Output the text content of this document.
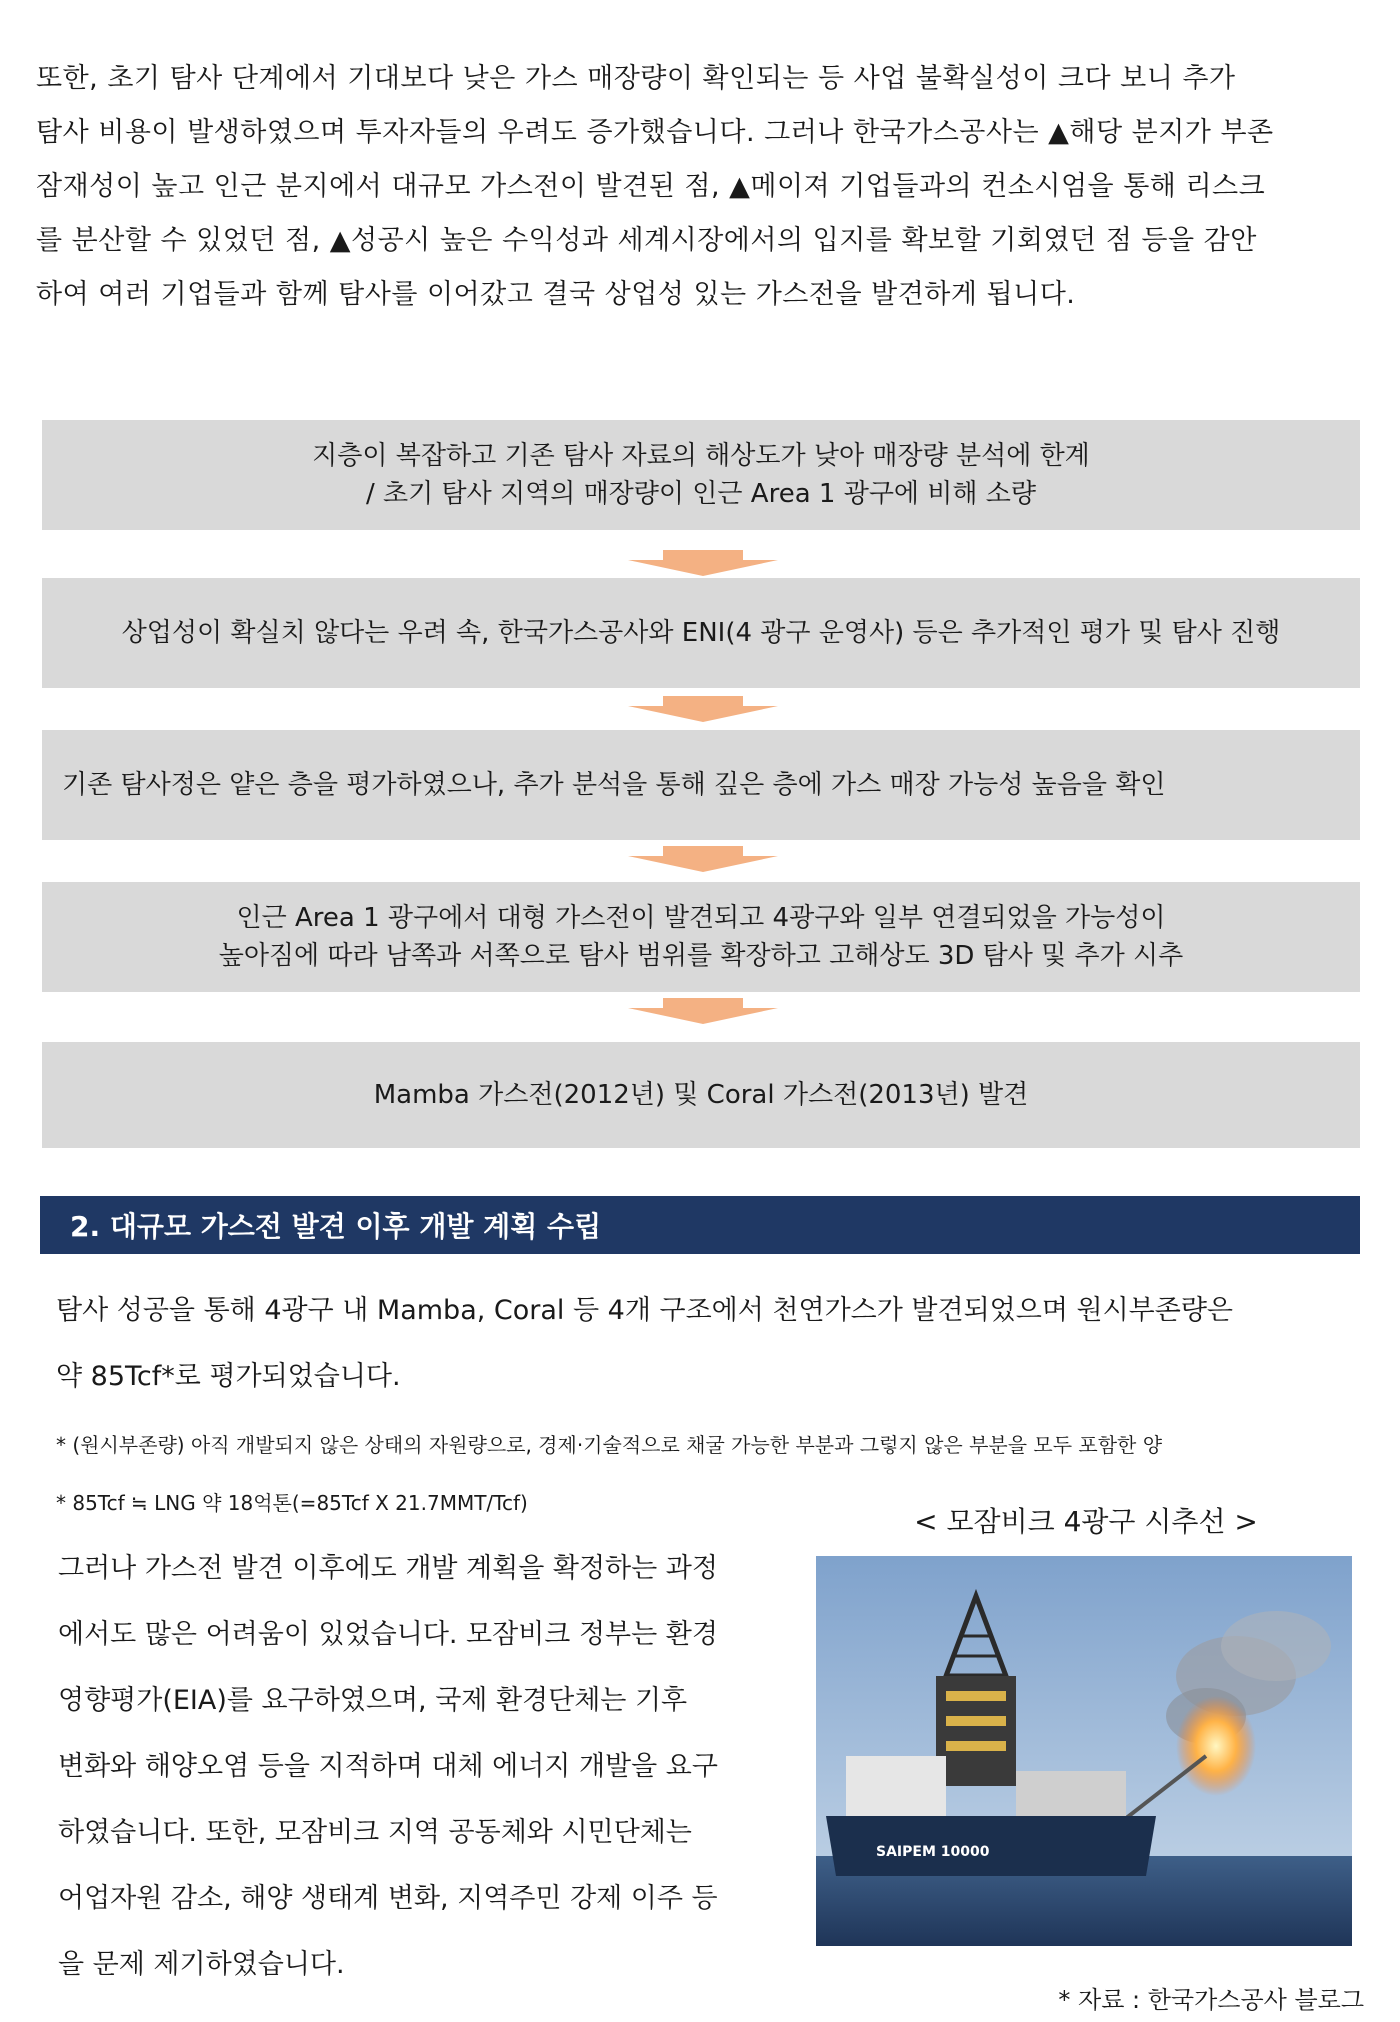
또한, 초기 탐사 단계에서 기대보다 낮은 가스 매장량이 확인되는 등 사업 불확실성이 크다 보니 추가

탐사 비용이 발생하였으며 투자자들의 우려도 증가했습니다. 그러나 한국가스공사는 ▲해당 분지가 부존

잠재성이 높고 인근 분지에서 대규모 가스전이 발견된 점, ▲메이져 기업들과의 컨소시엄을 통해 리스크

를 분산할 수 있었던 점, ▲성공시 높은 수익성과 세계시장에서의 입지를 확보할 기회였던 점 등을 감안

하여 여러 기업들과 함께 탐사를 이어갔고 결국 상업성 있는 가스전을 발견하게 됩니다.

지층이 복잡하고 기존 탐사 자료의 해상도가 낮아 매장량 분석에 한계
/ 초기 탐사 지역의 매장량이 인근 Area 1 광구에 비해 소량
상업성이 확실치 않다는 우려 속, 한국가스공사와 ENI(4 광구 운영사) 등은 추가적인 평가 및 탐사 진행
기존 탐사정은 얕은 층을 평가하였으나, 추가 분석을 통해 깊은 층에 가스 매장 가능성 높음을 확인
인근 Area 1 광구에서 대형 가스전이 발견되고 4광구와 일부 연결되었을 가능성이
높아짐에 따라 남쪽과 서쪽으로 탐사 범위를 확장하고 고해상도 3D 탐사 및 추가 시추
Mamba 가스전(2012년) 및 Coral 가스전(2013년) 발견
2. 대규모 가스전 발견 이후 개발 계획 수립

탐사 성공을 통해 4광구 내 Mamba, Coral 등 4개 구조에서 천연가스가 발견되었으며 원시부존량은

약 85Tcf*로 평가되었습니다.

* (원시부존량) 아직 개발되지 않은 상태의 자원량으로, 경제·기술적으로 채굴 가능한 부분과 그렇지 않은 부분을 모두 포함한 양

* 85Tcf ≒ LNG 약 18억톤(=85Tcf X 21.7MMT/Tcf)

그러나 가스전 발견 이후에도 개발 계획을 확정하는 과정

에서도 많은 어려움이 있었습니다. 모잠비크 정부는 환경

영향평가(EIA)를 요구하였으며, 국제 환경단체는 기후

변화와 해양오염 등을 지적하며 대체 에너지 개발을 요구

하였습니다. 또한, 모잠비크 지역 공동체와 시민단체는

어업자원 감소, 해양 생태계 변화, 지역주민 강제 이주 등

을 문제 제기하였습니다.

< 모잠비크 4광구 시추선 >
SAIPEM 10000
* 자료 : 한국가스공사 블로그
